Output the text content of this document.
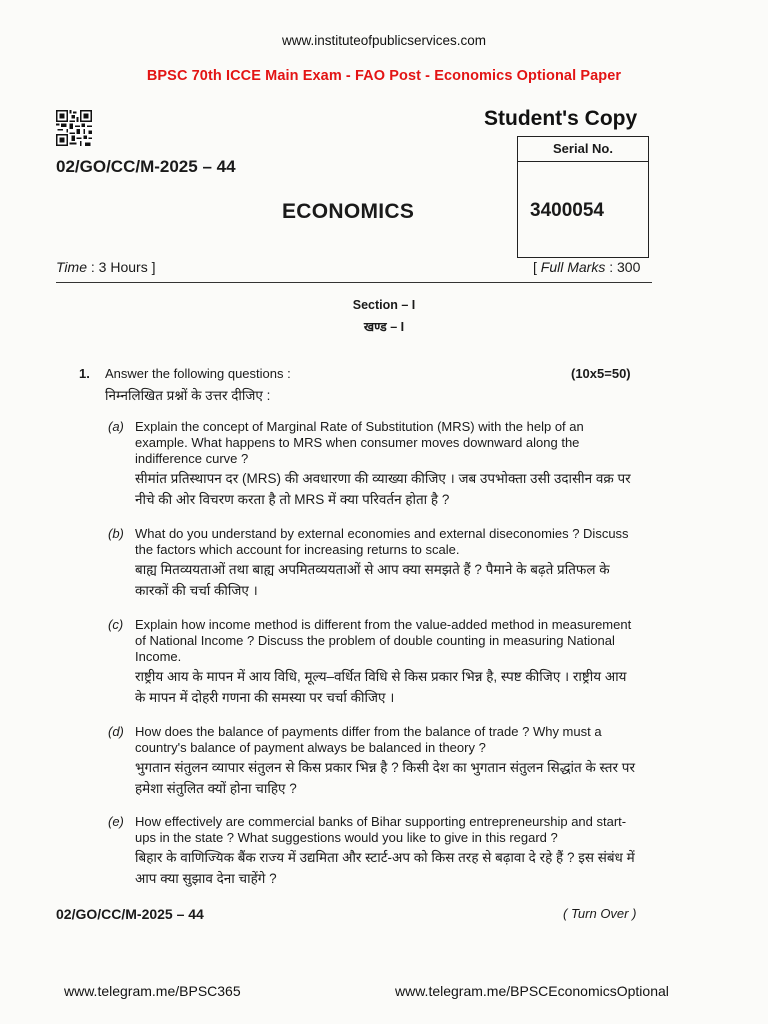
www.instituteofpublicservices.com
BPSC 70th ICCE Main Exam - FAO Post - Economics Optional Paper
Student's Copy
Serial No.
3400054
02/GO/CC/M-2025 – 44
ECONOMICS
Time : 3 Hours ]	[ Full Marks : 300
Section – I
खण्ड – I
1. Answer the following questions :
निम्नलिखित प्रश्नों के उत्तर दीजिए :
(10x5=50)
(a) Explain the concept of Marginal Rate of Substitution (MRS) with the help of an example. What happens to MRS when consumer moves downward along the indifference curve ?
सीमांत प्रतिस्थापन दर (MRS) की अवधारणा की व्याख्या कीजिए । जब उपभोक्ता उसी उदासीन वक्र पर नीचे की ओर विचरण करता है तो MRS में क्या परिवर्तन होता है ?
(b) What do you understand by external economies and external diseconomies ? Discuss the factors which account for increasing returns to scale.
बाह्य मितव्ययताओं तथा बाह्य अपमितव्ययताओं से आप क्या समझते हैं ? पैमाने के बढ़ते प्रतिफल के कारकों की चर्चा कीजिए ।
(c) Explain how income method is different from the value-added method in measurement of National Income ? Discuss the problem of double counting in measuring National Income.
राष्ट्रीय आय के मापन में आय विधि, मूल्य–वर्धित विधि से किस प्रकार भिन्न है, स्पष्ट कीजिए । राष्ट्रीय आय के मापन में दोहरी गणना की समस्या पर चर्चा कीजिए ।
(d) How does the balance of payments differ from the balance of trade ? Why must a country's balance of payment always be balanced in theory ?
भुगतान संतुलन व्यापार संतुलन से किस प्रकार भिन्न है ? किसी देश का भुगतान संतुलन सिद्धांत के स्तर पर हमेशा संतुलित क्यों होना चाहिए ?
(e) How effectively are commercial banks of Bihar supporting entrepreneurship and start-ups in the state ? What suggestions would you like to give in this regard ?
बिहार के वाणिज्यिक बैंक राज्य में उद्यमिता और स्टार्ट-अप को किस तरह से बढ़ावा दे रहे हैं ? इस संबंध में आप क्या सुझाव देना चाहेंगे ?
02/GO/CC/M-2025 – 44	( Turn Over )
www.telegram.me/BPSC365	www.telegram.me/BPSCEconomicsOptional
